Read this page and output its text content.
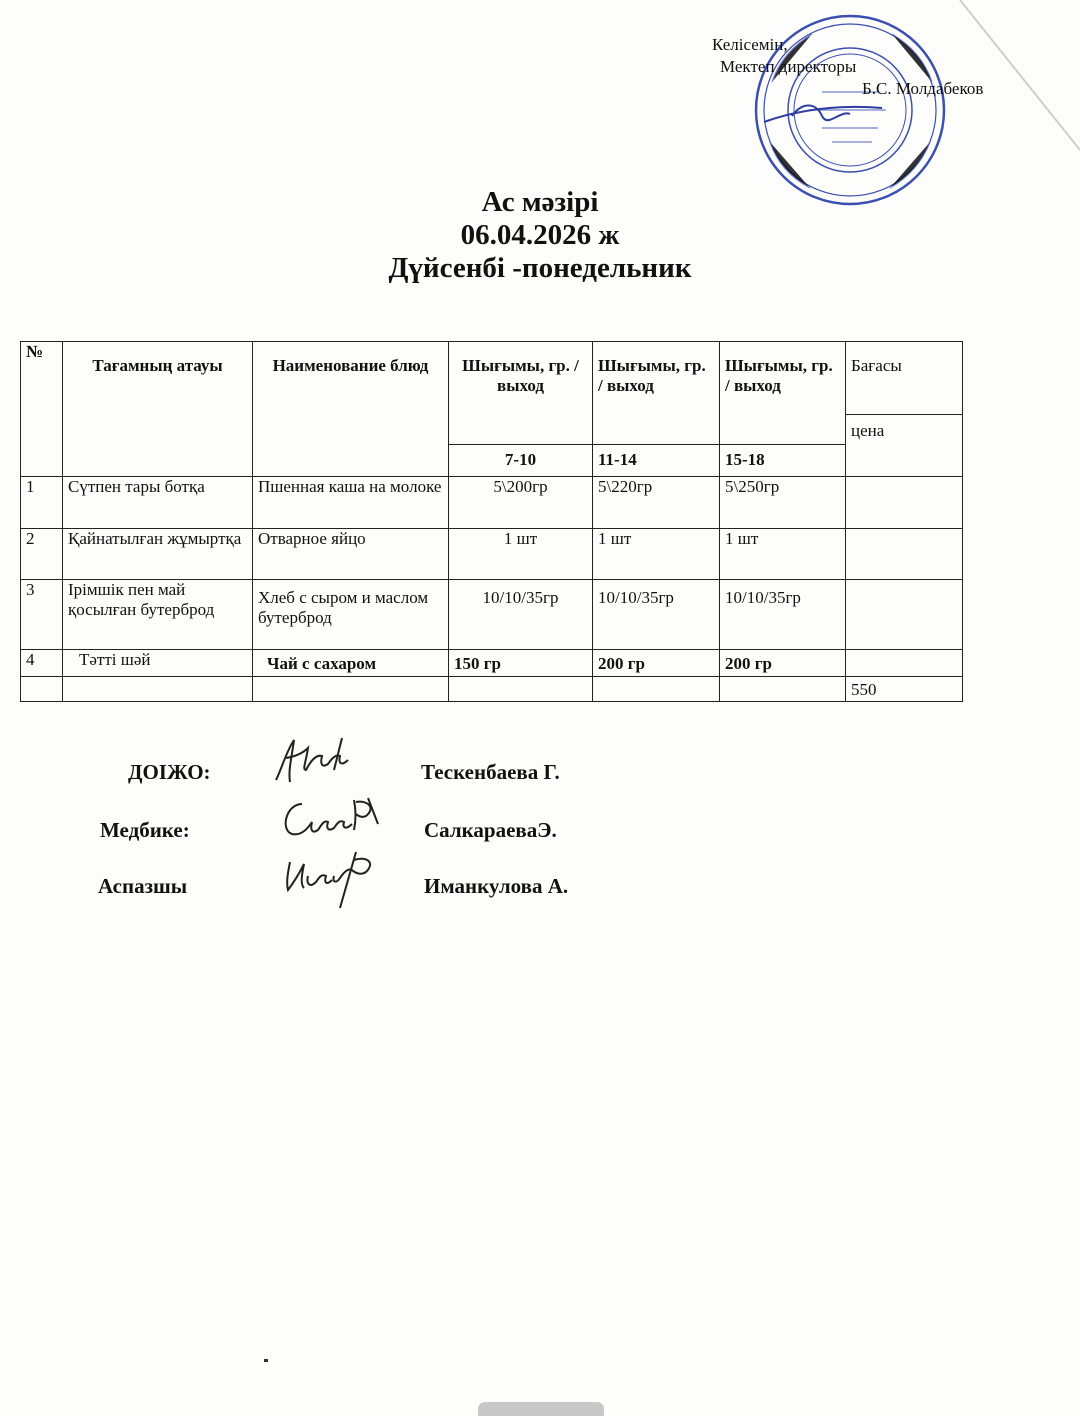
Келісемін,
Мектеп директоры
Б.С. Молдабеков
Ас мәзірі
06.04.2026 ж
Дүйсенбі -понедельник
№	Тағамның атауы	Наименование блюд	Шығымы, гр. / выход	Шығымы, гр. / выход	Шығымы, гр. / выход	Бағасы
						цена
			7-10	11-14	15-18	
1	Сүтпен тары ботқа	Пшенная каша на молоке	5\200гр	5\220гр	5\250гр	
2	Қайнатылған жұмыртқа	Отварное яйцо	1 шт	1 шт	1 шт	
3	Ірімшік пен май қосылған бутерброд	Хлеб с сыром и маслом бутерброд	10/10/35гр	10/10/35гр	10/10/35гр	
4	Тәтті шәй	Чай с сахаром	150 гр	200 гр	200 гр	
						550
ДОІЖО:	Тескенбаева Г.
Медбике:	СалкараеваЭ.
Аспазшы	Иманкулова А.
